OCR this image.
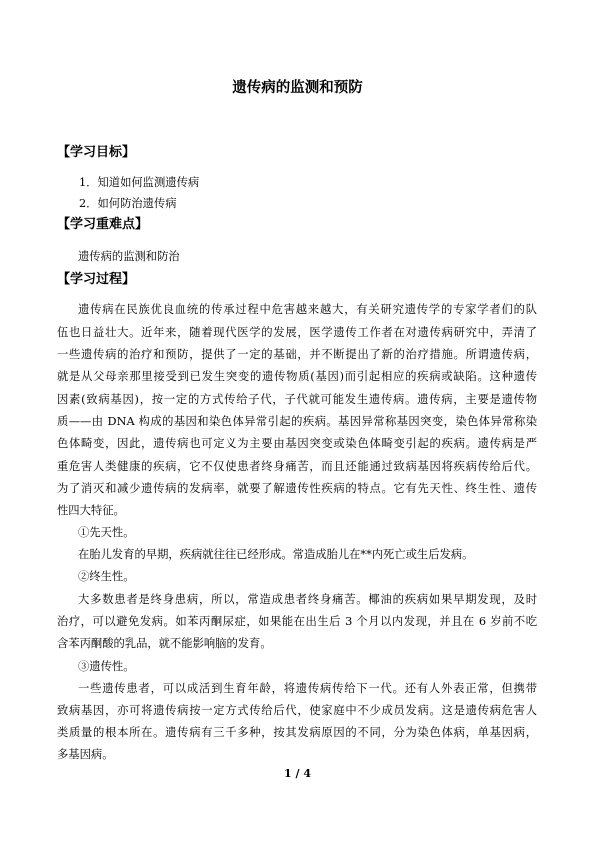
遗传病的监测和预防
【学习目标】
1．知道如何监测遗传病
2．如何防治遗传病
【学习重难点】
遗传病的监测和防治
【学习过程】
遗传病在民族优良血统的传承过程中危害越来越大，有关研究遗传学的专家学者们的队
伍也日益壮大。近年来，随着现代医学的发展，医学遗传工作者在对遗传病研究中，弄清了
一些遗传病的治疗和预防，提供了一定的基础，并不断提出了新的治疗措施。所谓遗传病，
就是从父母亲那里接受到已发生突变的遗传物质(基因)而引起相应的疾病或缺陷。这种遗传
因素(致病基因)，按一定的方式传给子代，子代就可能发生遗传病。遗传病，主要是遗传物
质——由 DNA 构成的基因和染色体异常引起的疾病。基因异常称基因突变，染色体异常称染
色体畸变，因此，遗传病也可定义为主要由基因突变或染色体畸变引起的疾病。遗传病是严
重危害人类健康的疾病，它不仅使患者终身痛苦，而且还能通过致病基因将疾病传给后代。
为了消灭和减少遗传病的发病率，就要了解遗传性疾病的特点。它有先天性、终生性、遗传
性四大特征。
①先天性。
在胎儿发育的早期，疾病就往往已经形成。常造成胎儿在**内死亡或生后发病。
②终生性。
大多数患者是终身患病，所以，常造成患者终身痛苦。椰油的疾病如果早期发现，及时
治疗，可以避免发病。如苯丙酮尿症，如果能在出生后 3 个月以内发现，并且在 6 岁前不吃
含苯丙酮酸的乳品，就不能影响脑的发育。
③遗传性。
一些遗传患者，可以成活到生育年龄，将遗传病传给下一代。还有人外表正常，但携带
致病基因，亦可将遗传病按一定方式传给后代，使家庭中不少成员发病。这是遗传病危害人
类质量的根本所在。遗传病有三千多种，按其发病原因的不同，分为染色体病，单基因病，
多基因病。
1 / 4
